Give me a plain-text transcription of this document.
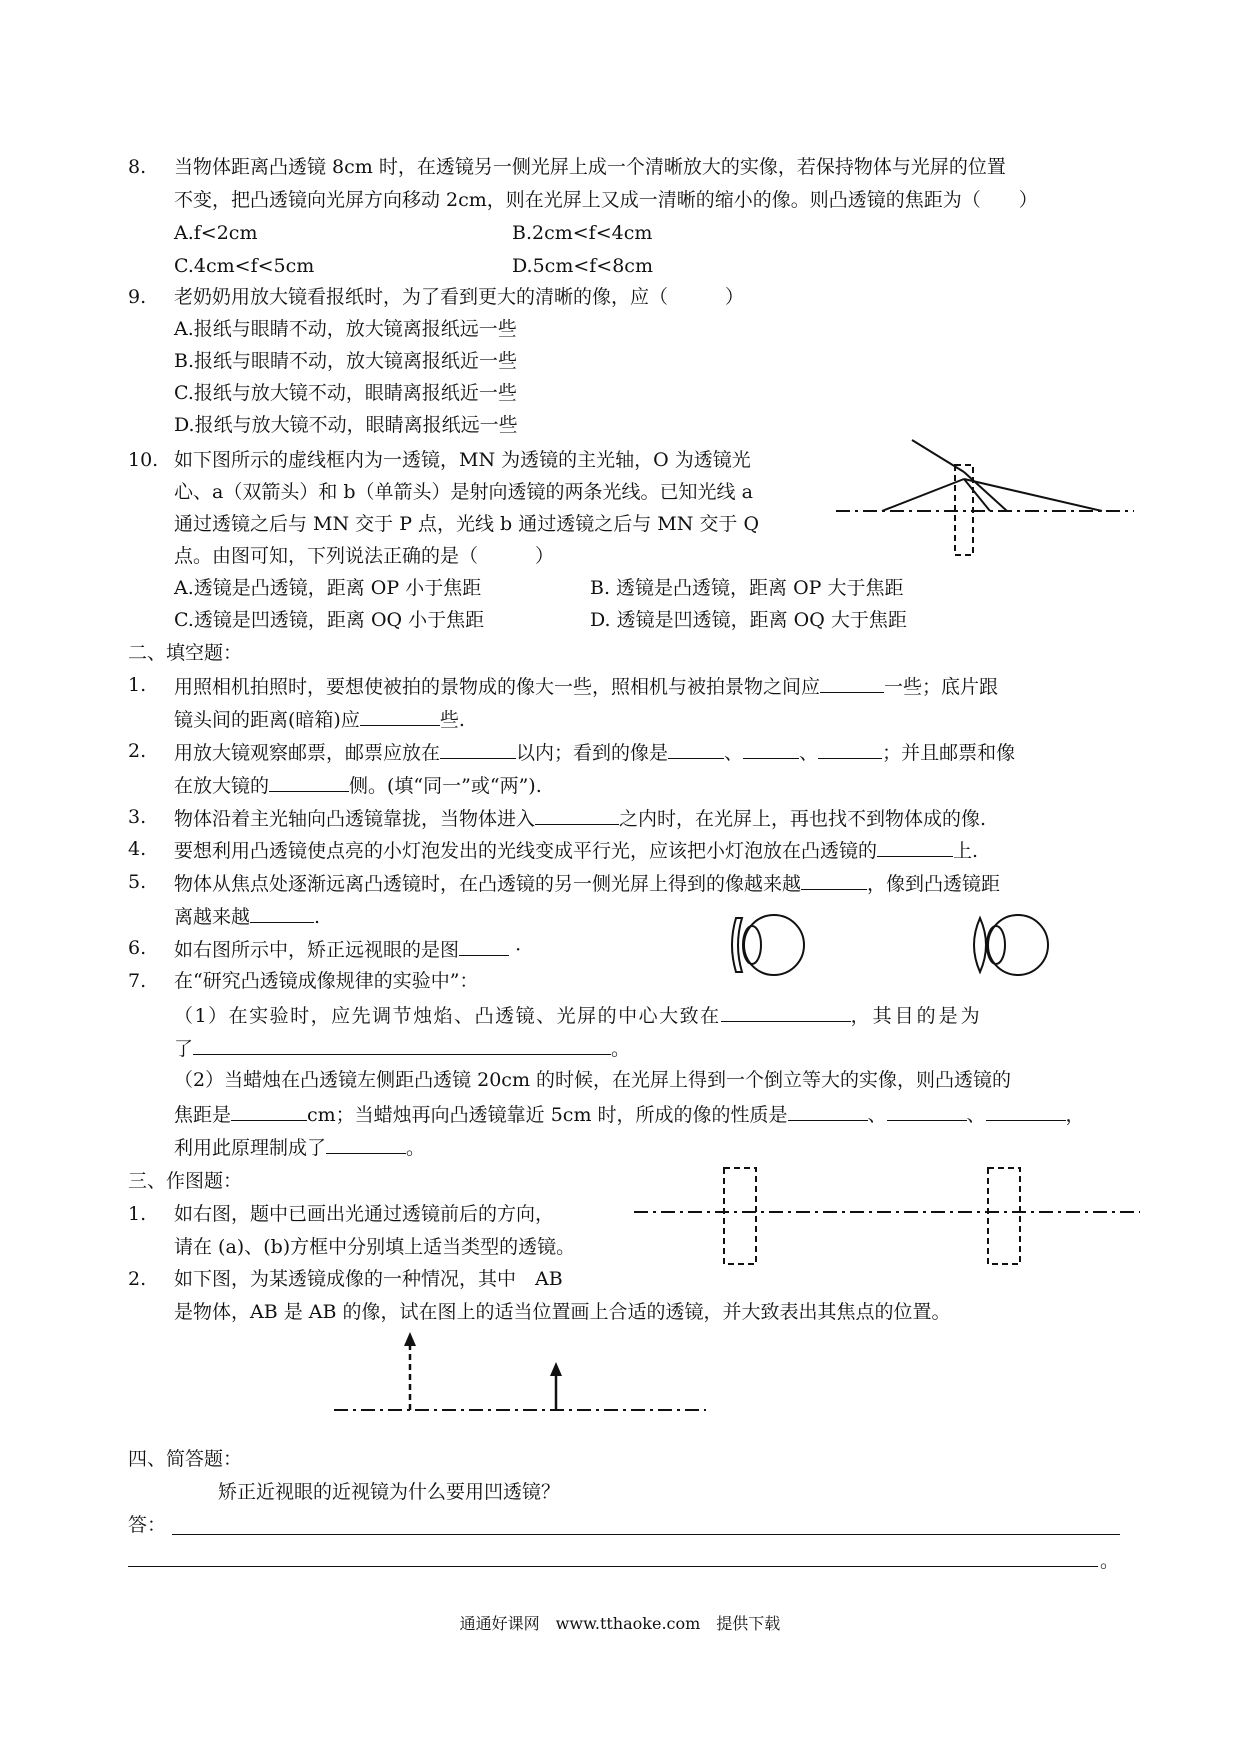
8. 当物体距离凸透镜 8cm 时，在透镜另一侧光屏上成一个清晰放大的实像，若保持物体与光屏的位置
不变，把凸透镜向光屏方向移动 2cm，则在光屏上又成一清晰的缩小的像。则凸透镜的焦距为（　　）
A.f<2cm	B.2cm<f<4cm
C.4cm<f<5cm	D.5cm<f<8cm
9. 老奶奶用放大镜看报纸时，为了看到更大的清晰的像，应（　　　）
A.报纸与眼睛不动，放大镜离报纸远一些
B.报纸与眼睛不动，放大镜离报纸近一些
C.报纸与放大镜不动，眼睛离报纸近一些
D.报纸与放大镜不动，眼睛离报纸远一些
10. 如下图所示的虚线框内为一透镜，MN 为透镜的主光轴，O 为透镜光
心、a（双箭头）和 b（单箭头）是射向透镜的两条光线。已知光线 a
通过透镜之后与 MN 交于 P 点，光线 b 通过透镜之后与 MN 交于 Q
点。由图可知，下列说法正确的是（　　　）
A.透镜是凸透镜，距离 OP 小于焦距	B. 透镜是凸透镜，距离 OP 大于焦距
C.透镜是凹透镜，距离 OQ 小于焦距	D. 透镜是凹透镜，距离 OQ 大于焦距
二、填空题：
1. 用照相机拍照时，要想使被拍的景物成的像大一些，照相机与被拍景物之间应	一些；底片跟
镜头间的距离(暗箱)应	些.
2. 用放大镜观察邮票，邮票应放在	以内；看到的像是	、	、	；并且邮票和像
在放大镜的	侧。(填“同一”或“两”).
3. 物体沿着主光轴向凸透镜靠拢，当物体进入	之内时，在光屏上，再也找不到物体成的像.
4. 要想利用凸透镜使点亮的小灯泡发出的光线变成平行光，应该把小灯泡放在凸透镜的	上.
5. 物体从焦点处逐渐远离凸透镜时，在凸透镜的另一侧光屏上得到的像越来越	，像到凸透镜距
离越来越	.
6. 如右图所示中，矫正远视眼的是图	·
7. 在“研究凸透镜成像规律的实验中”：
（1）在实验时，应先调节烛焰、凸透镜、光屏的中心大致在	，其目的是为
了	。
（2）当蜡烛在凸透镜左侧距凸透镜 20cm 的时候，在光屏上得到一个倒立等大的实像，则凸透镜的
焦距是	cm；当蜡烛再向凸透镜靠近 5cm 时，所成的像的性质是	、	、	，
利用此原理制成了	。
三、作图题：
1. 如右图，题中已画出光通过透镜前后的方向，
请在 (a)、(b)方框中分别填上适当类型的透镜。
2. 如下图，为某透镜成像的一种情况，其中　AB
是物体，AB 是 AB 的像，试在图上的适当位置画上合适的透镜，并大致表出其焦点的位置。
四、简答题：
矫正近视眼的近视镜为什么要用凹透镜？
答：
。
通通好课网　www.tthaoke.com　提供下载
